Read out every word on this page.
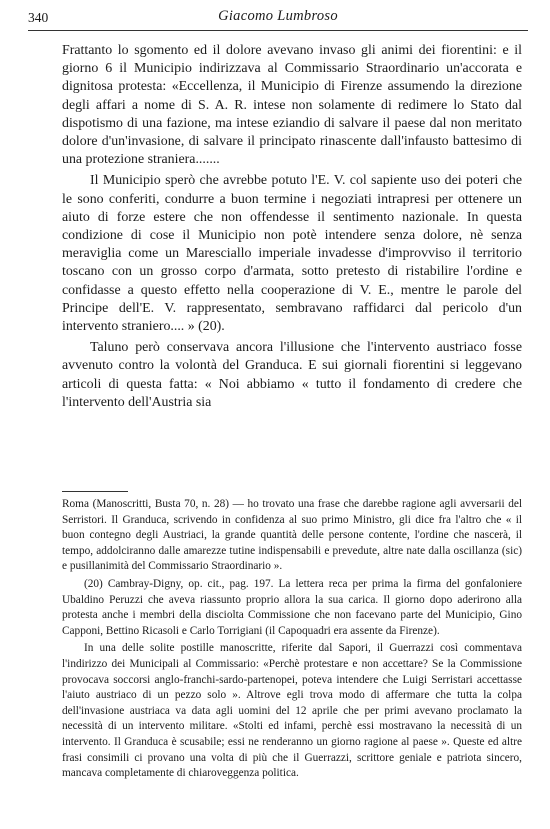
340	Giacomo Lumbroso

Frattanto lo sgomento ed il dolore avevano invaso gli animi dei fiorentini: e il giorno 6 il Municipio indirizzava al Commissario Straordinario un'accorata e dignitosa protesta: «Eccellenza, il Municipio di Firenze assumendo la direzione degli affari a nome di S. A. R. intese non solamente di redimere lo Stato dal dispotismo di una fazione, ma intese eziandio di salvare il paese dal non meritato dolore d'un'invasione, di salvare il principato rinascente dall'infausto battesimo di una protezione straniera.......

Il Municipio sperò che avrebbe potuto l'E. V. col sapiente uso dei poteri che le sono conferiti, condurre a buon termine i negoziati intrapresi per ottenere un aiuto di forze estere che non offendesse il sentimento nazionale. In questa condizione di cose il Municipio non potè intendere senza dolore, nè senza meraviglia come un Maresciallo imperiale invadesse d'improvviso il territorio toscano con un grosso corpo d'armata, sotto pretesto di ristabilire l'ordine e confidasse a questo effetto nella cooperazione di V. E., mentre le parole del Principe dell'E. V. rappresentato, sembravano raffidarci dal pericolo d'un intervento straniero.... » (20).

Taluno però conservava ancora l'illusione che l'intervento austriaco fosse avvenuto contro la volontà del Granduca. E sui giornali fiorentini si leggevano articoli di questa fatta: « Noi abbiamo « tutto il fondamento di credere che l'intervento dell'Austria sia

Roma (Manoscritti, Busta 70, n. 28) — ho trovato una frase che darebbe ragione agli avversarii del Serristori. Il Granduca, scrivendo in confidenza al suo primo Ministro, gli dice fra l'altro che « il buon contegno degli Austriaci, la grande quantità delle persone contente, l'ordine che nascerà, il tempo, addolciranno dalle amarezze tutine indispensabili e prevedute, altre nate dalla oscillanza (sic) e pusillanimità del Commissario Straordinario ».

(20) Cambray-Digny, op. cit., pag. 197. La lettera reca per prima la firma del gonfaloniere Ubaldino Peruzzi che aveva riassunto proprio allora la sua carica. Il giorno dopo aderirono alla protesta anche i membri della disciolta Commissione che non facevano parte del Municipio, Gino Capponi, Bettino Ricasoli e Carlo Torrigiani (il Capoquadri era assente da Firenze).

In una delle solite postille manoscritte, riferite dal Sapori, il Guerrazzi così commentava l'indirizzo dei Municipali al Commissario: «Perchè protestare e non accettare? Se la Commissione provocava soccorsi anglo-franchi-sardo-partenopei, poteva intendere che Luigi Serristari accettasse l'aiuto austriaco di un pezzo solo ». Altrove egli trova modo di affermare che tutta la colpa dell'invasione austriaca va data agli uomini del 12 aprile che per primi avevano proclamato la necessità di un intervento militare. «Stolti ed infami, perchè essi mostravano la necessità di un intervento. Il Granduca è scusabile; essi ne renderanno un giorno ragione al paese ». Queste ed altre frasi consimili ci provano una volta di più che il Guerrazzi, scrittore geniale e patriota sincero, mancava completamente di chiaroveggenza politica.
